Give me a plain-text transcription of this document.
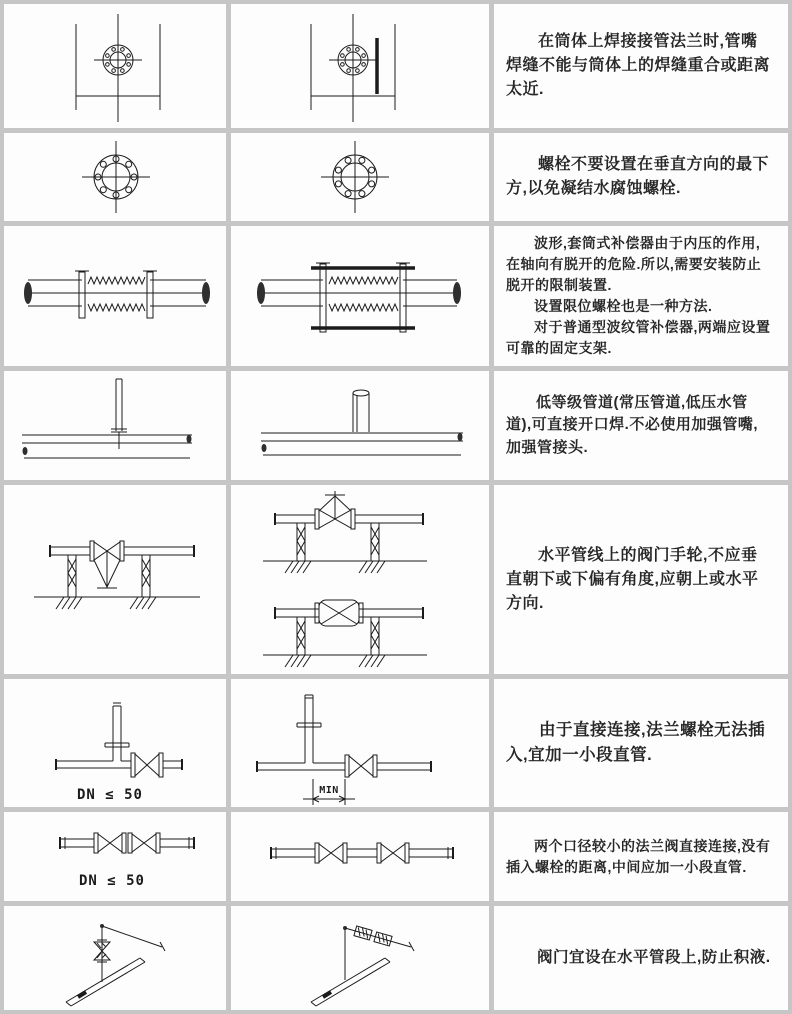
在筒体上焊接接管法兰时,管嘴焊缝不能与筒体上的焊缝重合或距离太近.

螺栓不要设置在垂直方向的最下方,以免凝结水腐蚀螺栓.

波形,套筒式补偿器由于内压的作用,在轴向有脱开的危险.所以,需要安装防止脱开的限制装置.

设置限位螺栓也是一种方法.

对于普通型波纹管补偿器,两端应设置可靠的固定支架.

低等级管道(常压管道,低压水管道),可直接开口焊.不必使用加强管嘴,加强管接头.

水平管线上的阀门手轮,不应垂直朝下或下偏有角度,应朝上或水平方向.

DN ≤ 50	MIN

由于直接连接,法兰螺栓无法插入,宜加一小段直管.

DN ≤ 50

两个口径较小的法兰阀直接连接,没有插入螺栓的距离,中间应加一小段直管.

阀门宜设在水平管段上,防止积液.
